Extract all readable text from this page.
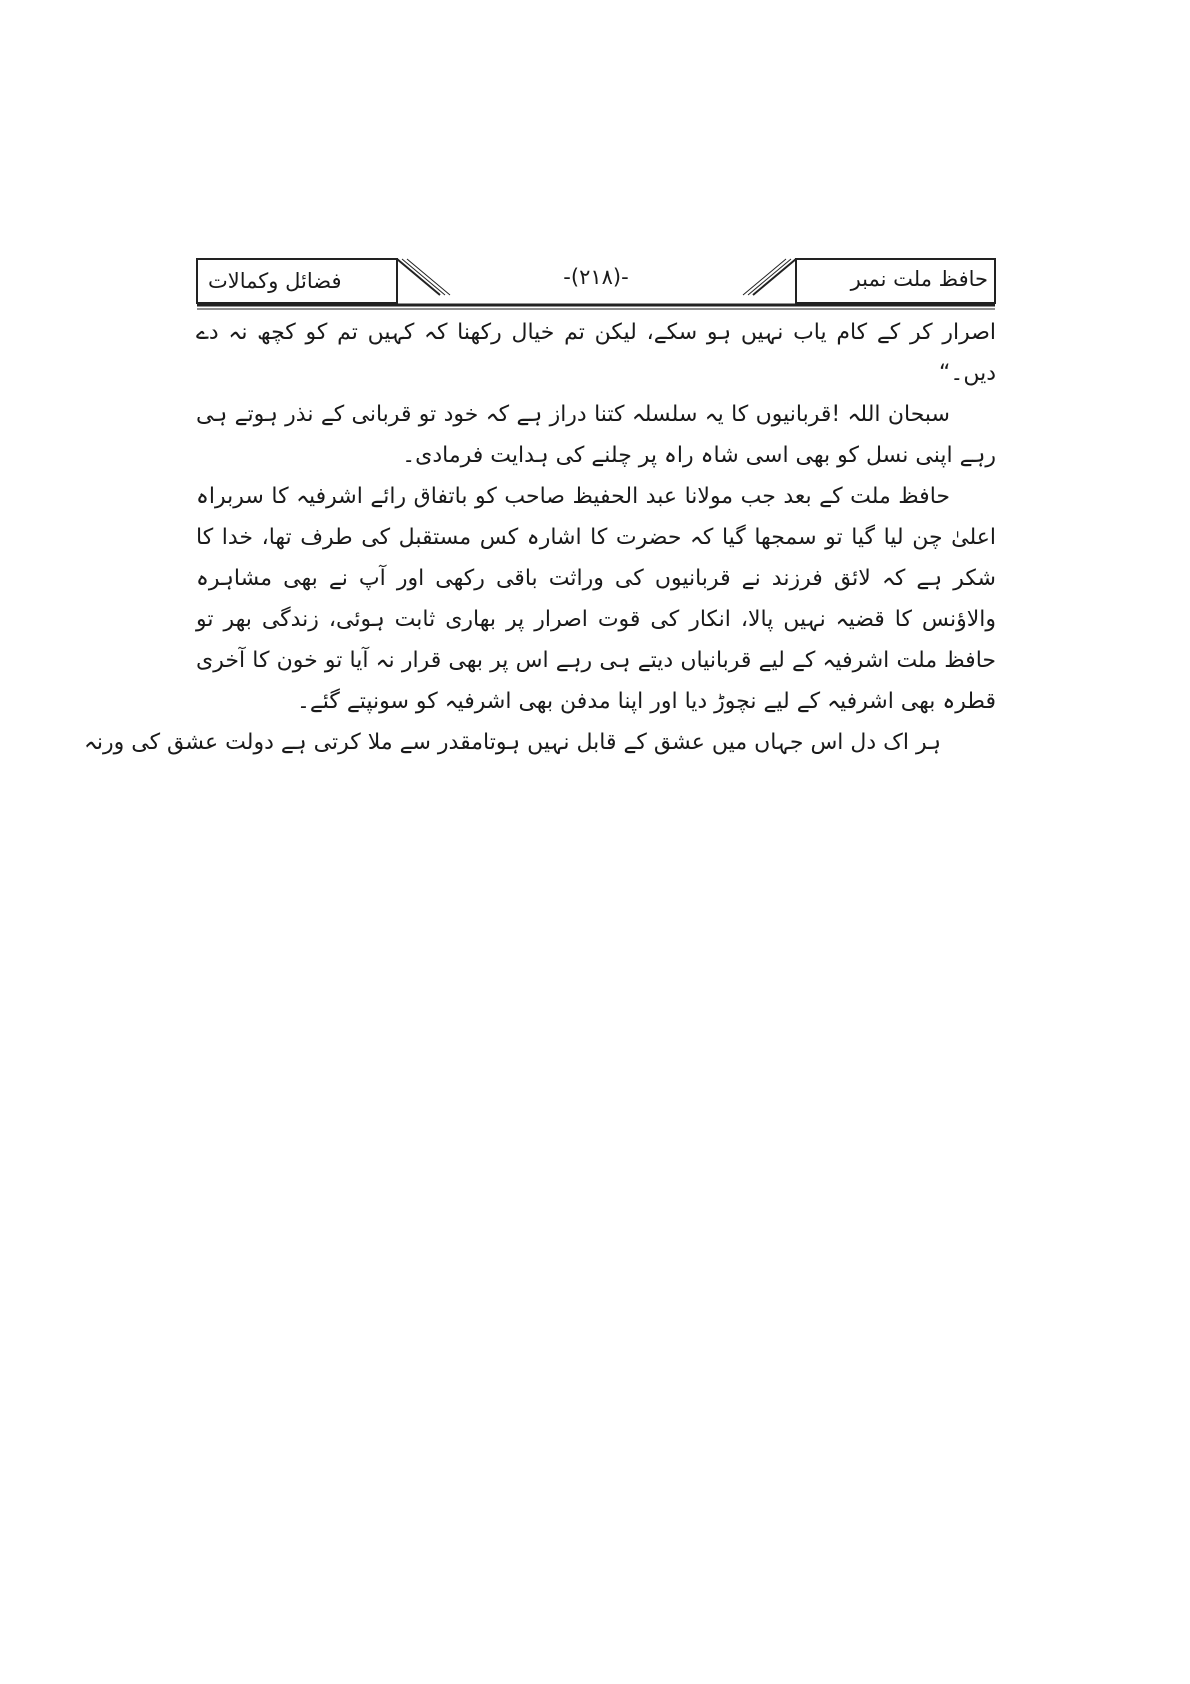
حافظ ملت نمبر
-(۲۱۸)-
فضائل وکمالات

اصرار کر کے کام یاب نہیں ہو سکے، لیکن تم خیال رکھنا کہ کہیں تم کو کچھ نہ دے دیں۔“

سبحان اللہ !قربانیوں کا یہ سلسلہ کتنا دراز ہے کہ خود تو قربانی کے نذر ہوتے ہی رہے اپنی نسل کو بھی اسی شاہ راہ پر چلنے کی ہدایت فرمادی۔

حافظ ملت کے بعد جب مولانا عبد الحفیظ صاحب کو باتفاق رائے اشرفیہ کا سربراہ اعلیٰ چن لیا گیا تو سمجھا گیا کہ حضرت کا اشارہ کس مستقبل کی طرف تھا، خدا کا شکر ہے کہ لائق فرزند نے قربانیوں کی وراثت باقی رکھی اور آپ نے بھی مشاہرہ والاؤنس کا قضیہ نہیں پالا، انکار کی قوت اصرار پر بھاری ثابت ہوئی، زندگی بھر تو حافظ ملت اشرفیہ کے لیے قربانیاں دیتے ہی رہے اس پر بھی قرار نہ آیا تو خون کا آخری قطرہ بھی اشرفیہ کے لیے نچوڑ دیا اور اپنا مدفن بھی اشرفیہ کو سونپتے گئے۔

ہر اک دل اس جہاں میں عشق کے قابل نہیں ہوتا
مقدر سے ملا کرتی ہے دولت عشق کی ورنہ
